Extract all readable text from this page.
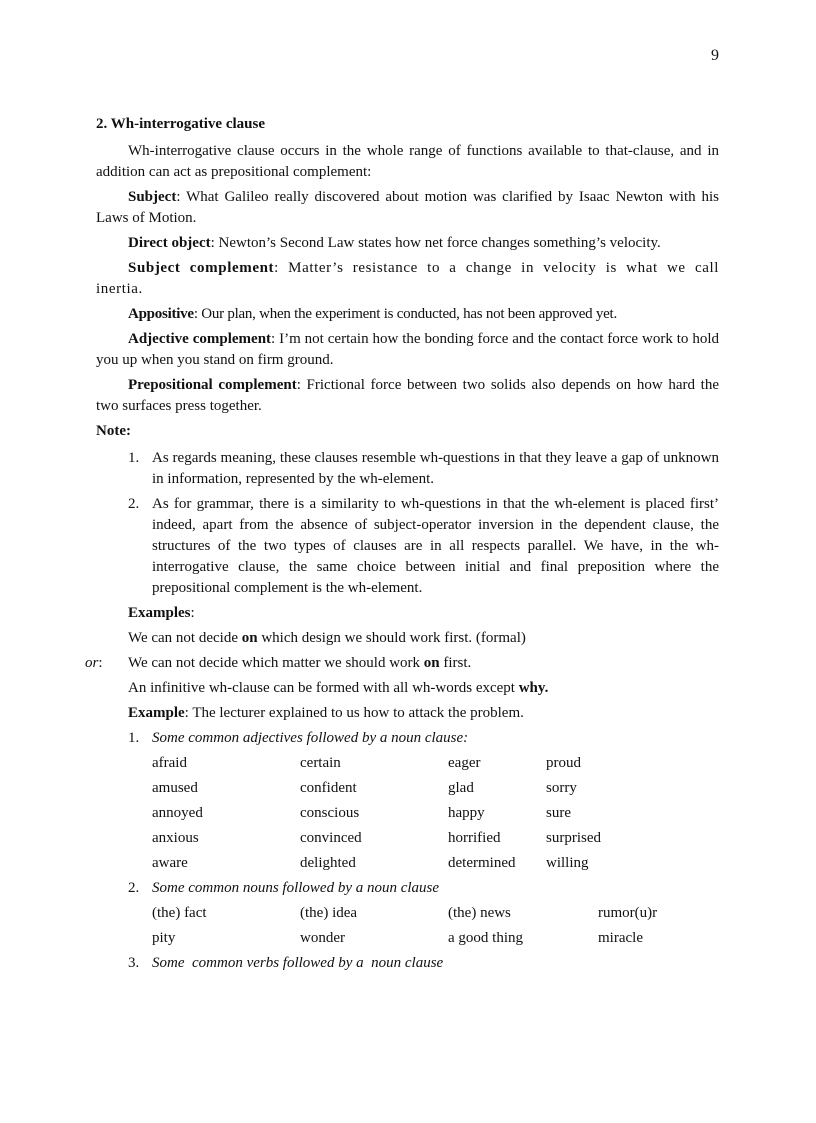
9
2. Wh-interrogative clause

Wh-interrogative clause occurs in the whole range of functions available to that-clause, and in addition can act as prepositional complement:

Subject: What Galileo really discovered about motion was clarified by Isaac Newton with his Laws of Motion.

Direct object: Newton’s Second Law states how net force changes something’s velocity.

Subject complement: Matter’s resistance to a change in velocity is what we call inertia.

Appositive: Our plan, when the experiment is conducted, has not been approved yet.

Adjective complement: I’m not certain how the bonding force and the contact force work to hold you up when you stand on firm ground.

Prepositional complement: Frictional force between two solids also depends on how hard the two surfaces press together.

Note:
1. As regards meaning, these clauses resemble wh-questions in that they leave a gap of unknown in information, represented by the wh-element.
2. As for grammar, there is a similarity to wh-questions in that the wh-element is placed first’ indeed, apart from the absence of subject-operator inversion in the dependent clause, the structures of the two types of clauses are in all respects parallel. We have, in the wh-interrogative clause, the same choice between initial and final preposition where the prepositional complement is the wh-element.
Examples:
We can not decide on which design we should work first. (formal)
or: We can not decide which matter we should work on first.
An infinitive wh-clause can be formed with all wh-words except why.
Example: The lecturer explained to us how to attack the problem.
1. Some common adjectives followed by a noun clause:
afraid	certain	eager	proud
amused	confident	glad	sorry
annoyed	conscious	happy	sure
anxious	convinced	horrified	surprised
aware	delighted	determined	willing
2. Some common nouns followed by a noun clause
(the) fact	(the) idea	(the) news	rumor(u)r
pity	wonder	a good thing	miracle
3. Some  common verbs followed by a  noun clause
